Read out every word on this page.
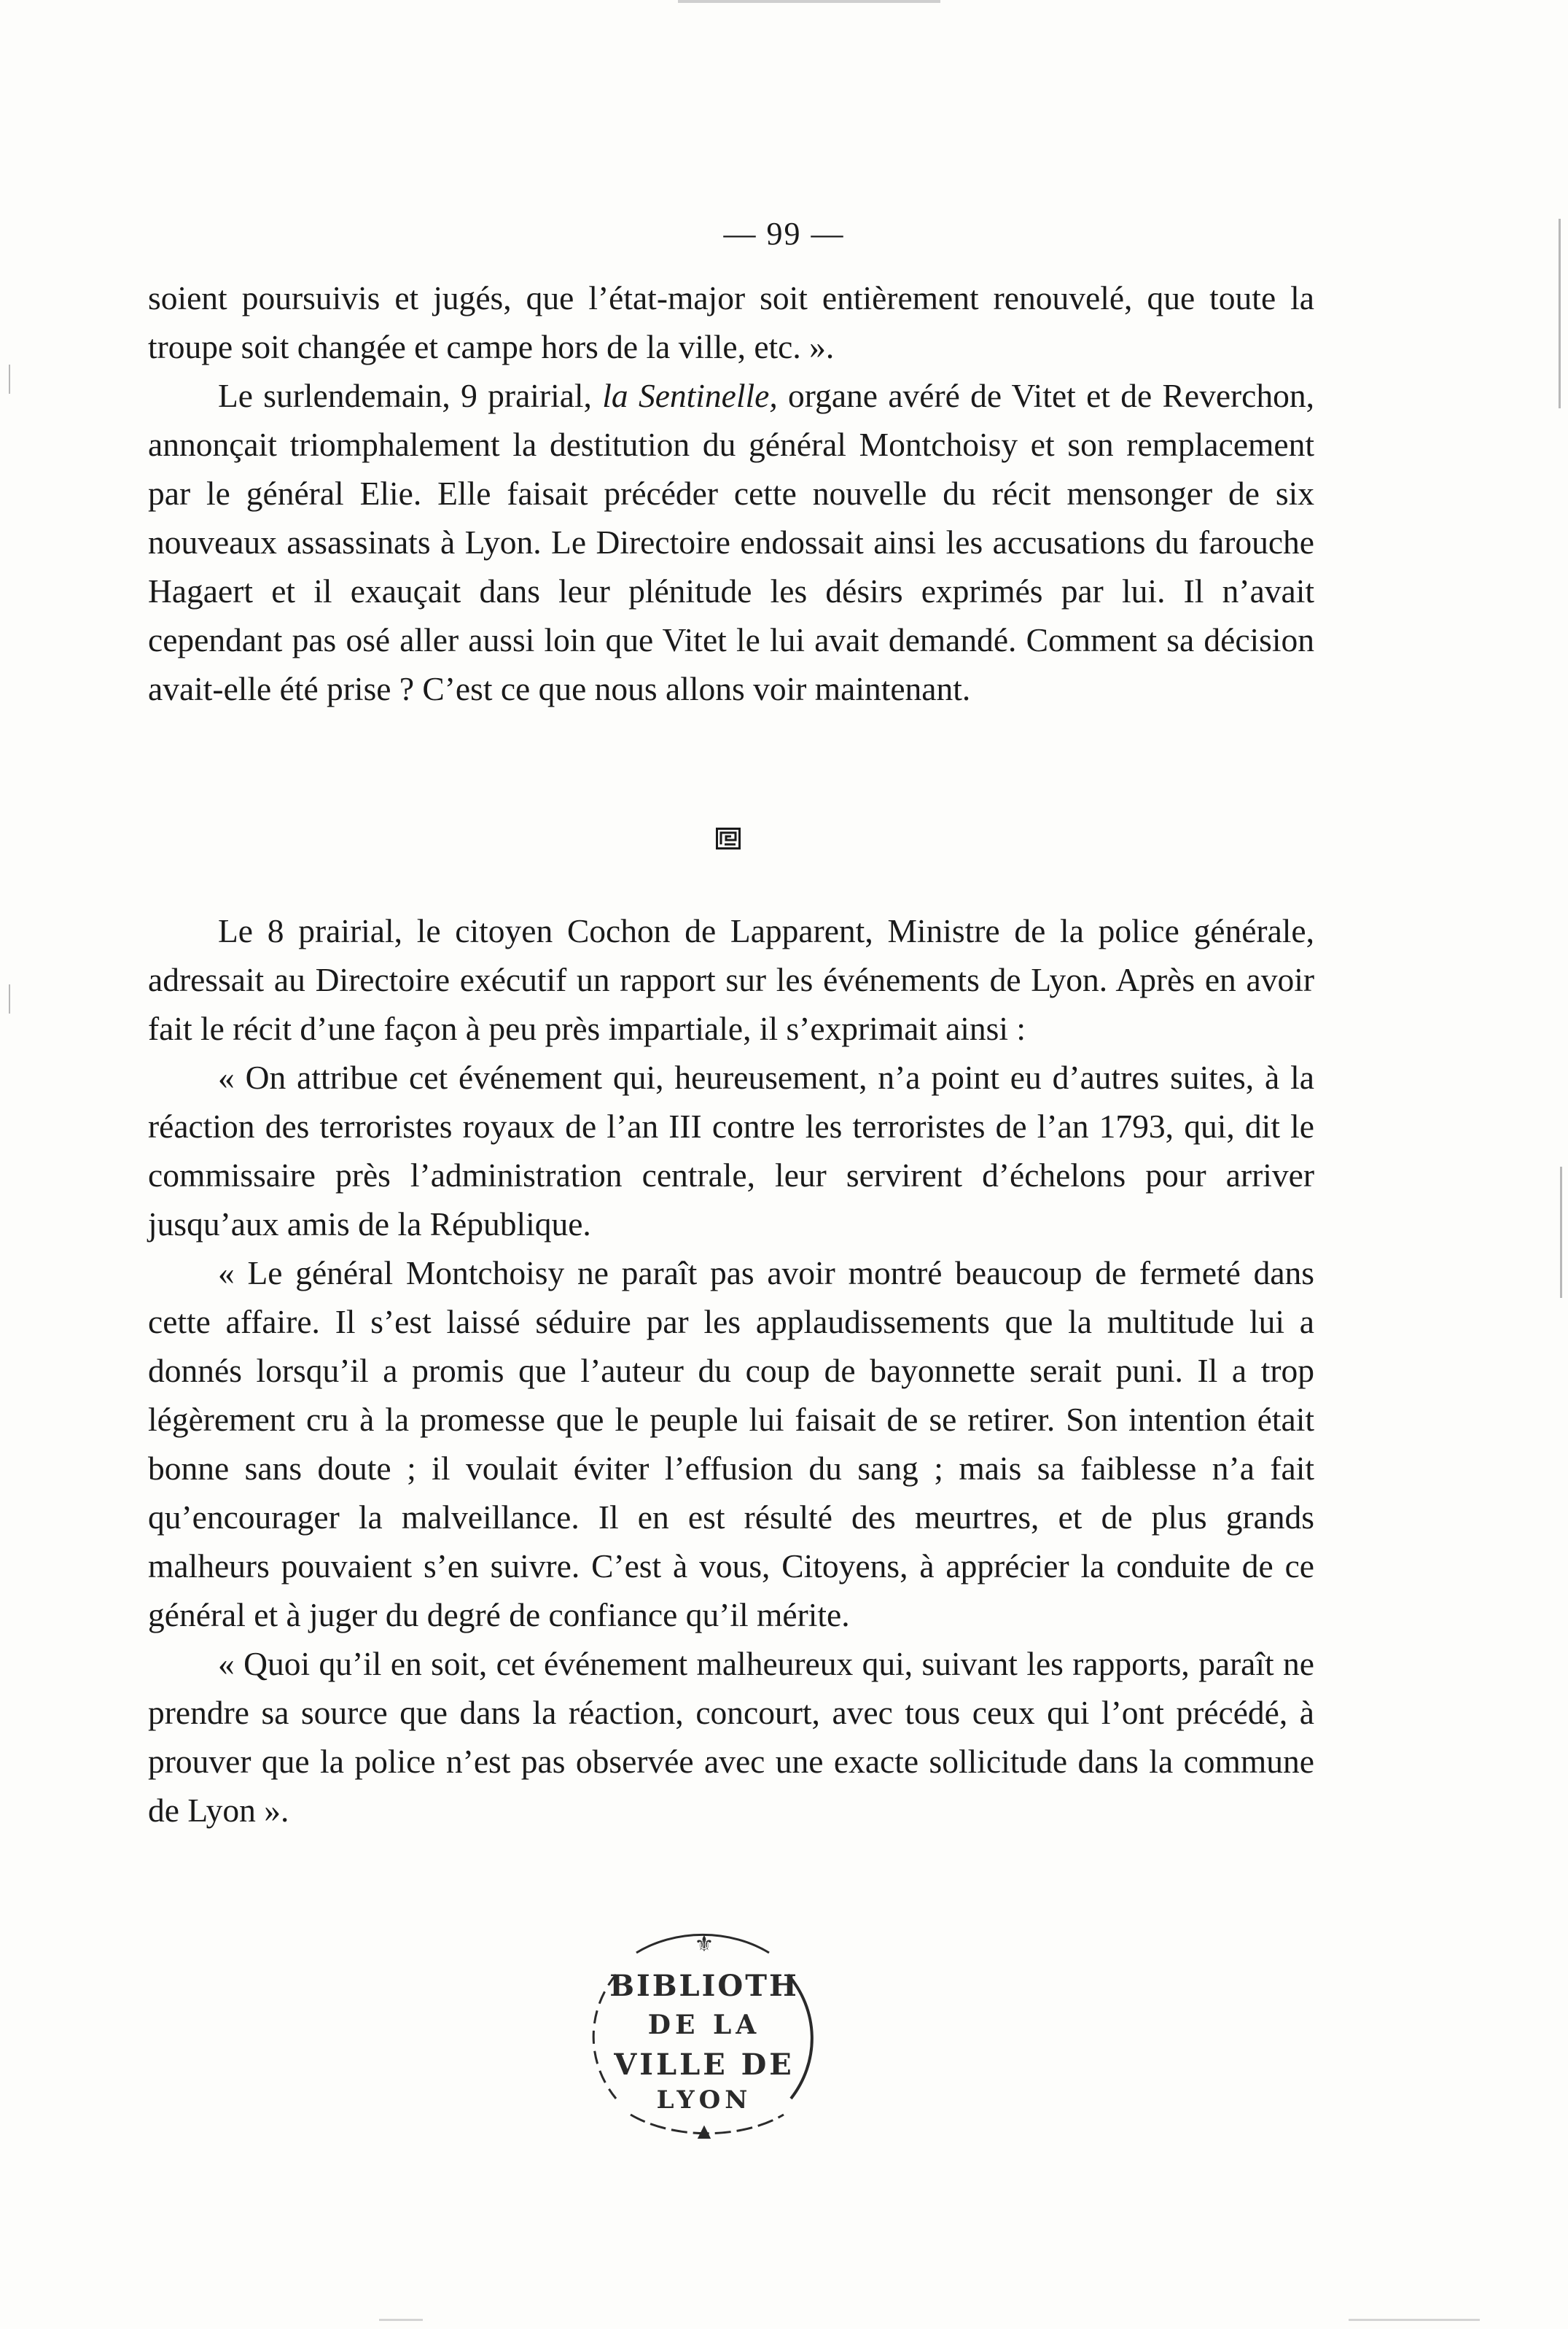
— 99 —

soient poursuivis et jugés, que l’état-major soit entièrement renouvelé, que toute la troupe soit changée et campe hors de la ville, etc. ».

Le surlendemain, 9 prairial, la Sentinelle, organe avéré de Vitet et de Reverchon, annonçait triomphalement la destitution du général Montchoisy et son remplacement par le général Elie. Elle faisait précéder cette nouvelle du récit mensonger de six nouveaux assassinats à Lyon. Le Directoire endossait ainsi les accusations du farouche Hagaert et il exauçait dans leur plénitude les désirs exprimés par lui. Il n’avait cependant pas osé aller aussi loin que Vitet le lui avait demandé. Comment sa décision avait-elle été prise ? C’est ce que nous allons voir maintenant.

Le 8 prairial, le citoyen Cochon de Lapparent, Ministre de la police générale, adressait au Directoire exécutif un rapport sur les événements de Lyon. Après en avoir fait le récit d’une façon à peu près impartiale, il s’exprimait ainsi :

« On attribue cet événement qui, heureusement, n’a point eu d’autres suites, à la réaction des terroristes royaux de l’an III contre les terroristes de l’an 1793, qui, dit le commissaire près l’administration centrale, leur servirent d’échelons pour arriver jusqu’aux amis de la République.

« Le général Montchoisy ne paraît pas avoir montré beaucoup de fermeté dans cette affaire. Il s’est laissé séduire par les applaudissements que la multitude lui a donnés lorsqu’il a promis que l’auteur du coup de bayonnette serait puni. Il a trop légèrement cru à la promesse que le peuple lui faisait de se retirer. Son intention était bonne sans doute ; il voulait éviter l’effusion du sang ; mais sa faiblesse n’a fait qu’encourager la malveillance. Il en est résulté des meurtres, et de plus grands malheurs pouvaient s’en suivre. C’est à vous, Citoyens, à apprécier la conduite de ce général et à juger du degré de confiance qu’il mérite.

« Quoi qu’il en soit, cet événement malheureux qui, suivant les rapports, paraît ne prendre sa source que dans la réaction, concourt, avec tous ceux qui l’ont précédé, à prouver que la police n’est pas observée avec une exacte sollicitude dans la commune de Lyon ».

⚜
▲
BIBLIOTH
DE LA
VILLE DE
LYON
